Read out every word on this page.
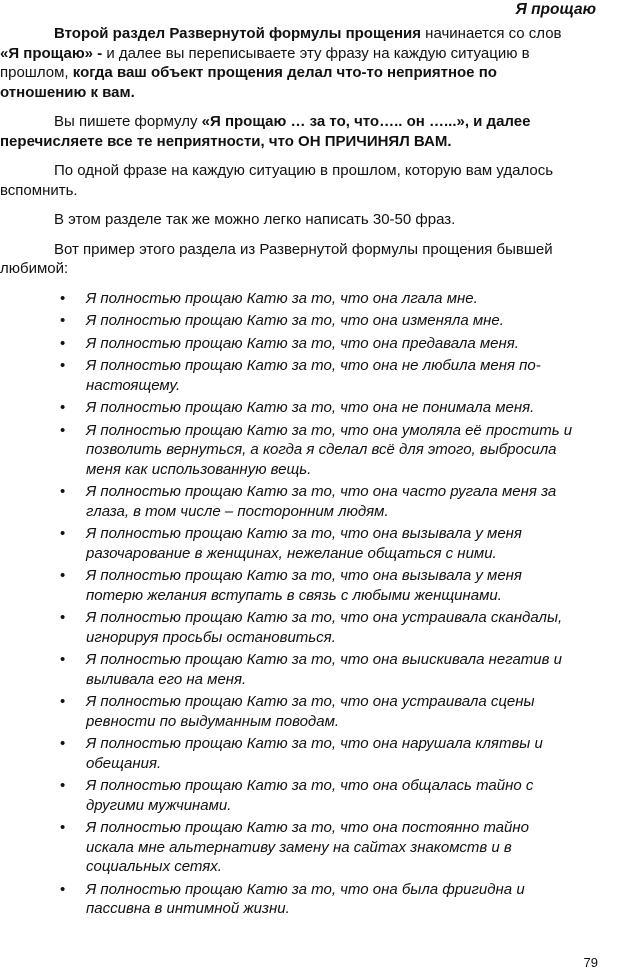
Я прощаю

Второй раздел Развернутой формулы прощения начинается со слов «Я прощаю» - и далее вы переписываете эту фразу на каждую ситуацию в прошлом, когда ваш объект прощения делал что-то неприятное по отношению к вам.

Вы пишете формулу «Я прощаю … за то, что….. он …...», и далее перечисляете все те неприятности, что ОН ПРИЧИНЯЛ ВАМ.

По одной фразе на каждую ситуацию в прошлом, которую вам удалось вспомнить.

В этом разделе так же можно легко написать 30-50 фраз.

Вот пример этого раздела из Развернутой формулы прощения бывшей любимой:

• Я полностью прощаю Катю за то, что она лгала мне.
• Я полностью прощаю Катю за то, что она изменяла мне.
• Я полностью прощаю Катю за то, что она предавала меня.
• Я полностью прощаю Катю за то, что она не любила меня по-настоящему.
• Я полностью прощаю Катю за то, что она не понимала меня.
• Я полностью прощаю Катю за то, что она умоляла её простить и позволить вернуться, а когда я сделал всё для этого, выбросила меня как использованную вещь.
• Я полностью прощаю Катю за то, что она часто ругала меня за глаза, в том числе – посторонним людям.
• Я полностью прощаю Катю за то, что она вызывала у меня разочарование в женщинах, нежелание общаться с ними.
• Я полностью прощаю Катю за то, что она вызывала у меня потерю желания вступать в связь с любыми женщинами.
• Я полностью прощаю Катю за то, что она устраивала скандалы, игнорируя просьбы остановиться.
• Я полностью прощаю Катю за то, что она выискивала негатив и выливала его на меня.
• Я полностью прощаю Катю за то, что она устраивала сцены ревности по выдуманным поводам.
• Я полностью прощаю Катю за то, что она нарушала клятвы и обещания.
• Я полностью прощаю Катю за то, что она общалась тайно с другими мужчинами.
• Я полностью прощаю Катю за то, что она постоянно тайно искала мне альтернативу замену на сайтах знакомств и в социальных сетях.
• Я полностью прощаю Катю за то, что она была фригидна и пассивна в интимной жизни.
79
